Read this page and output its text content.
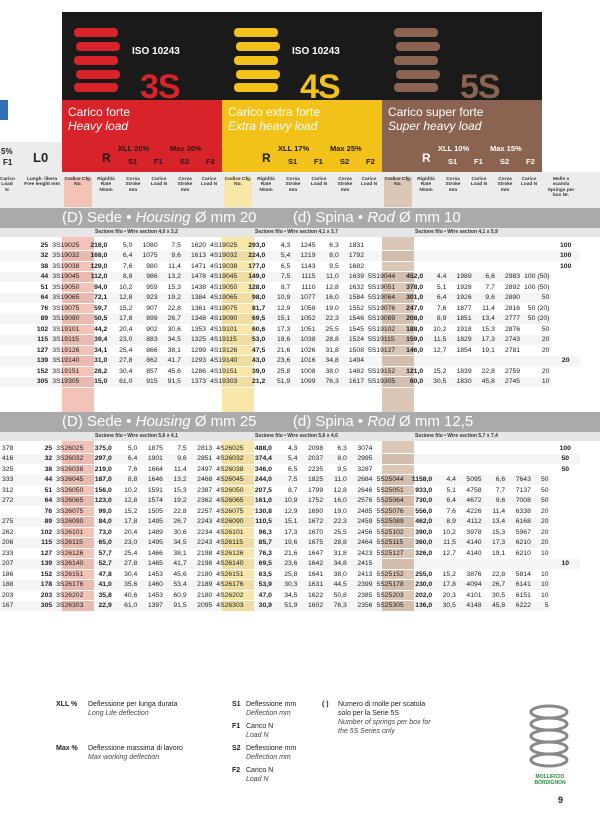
5%
F1 L0
ISO 10243
3S
ISO 10243
4S	5S
Carico forte
Heavy load
Carico extra forte
Extra heavy load
Carico super forte
Super heavy load
R
XLL 20%	Max 30%
S1 F1 S2 F2	R
XLL 17%	Max 25%
S1 F1 S2 F2	R
XLL 10%	Max 15%
S1 F1 S2 F2
Carico Load N
Lungh. libera Free lenght mm
Codice Cfg. No.
Rigidità Rate N/mm
Corsa Stroke mm
Carico Load N
Corsa Stroke mm
Carico Load N
Codice Cfg. No.
Rigidità Rate N/mm
Corsa Stroke mm
Carico Load N
Corsa Stroke mm
Carico Load N
Codice Cfg. No.
Rigidità Rate N/mm
Corsa Stroke mm
Carico Load N
Corsa Stroke mm
Carico Load N
Molle x scatola Springs per box Nr.
(D) Sede • Housing Ø mm 20 (d) Spina • Rod Ø mm 10
Sezione filo • Wire section 4,0 x 3,2	Sezione filo • Wire section 4,1 x 3,7	Sezione filo • Wire section 4,1 x 5,9
	25	3S19025	216,0	5,0	1080	7,5	1620	4S19025	293,0	4,3	1245	6,3	1831								100
	32	3S19032	168,0	6,4	1075	9,6	1613	4S19032	224,0	5,4	1219	8,0	1792								100
	38	3S19038	129,0	7,6	980	11,4	1471	4S19038	177,0	6,5	1143	9,5	1682								100
	44	3S19045	112,0	8,8	986	13,2	1478	4S19045	149,0	7,5	1115	11,0	1639	5S19044	452,0	4,4	1989	6,6	2983	100 (50)	
	51	3S19050	94,0	10,2	959	15,3	1438	4S19050	128,0	8,7	1110	12,8	1632	5S19051	378,0	5,1	1928	7,7	2892	100 (50)	
	64	3S19065	72,1	12,8	923	19,2	1384	4S19065	98,0	10,9	1077	16,0	1584	5S19064	301,0	6,4	1926	9,6	2890	50	
	76	3S19075	59,7	15,2	907	22,8	1361	4S19075	81,7	12,9	1058	19,0	1552	5S19076	247,0	7,6	1877	11,4	2816	50 (20)	
	89	3S19090	50,5	17,8	899	26,7	1348	4S19090	69,5	15,1	1052	22,3	1546	5S19089	208,0	8,9	1851	13,4	2777	50 (20)	
	102	3S19101	44,2	20,4	902	30,6	1353	4S19101	60,6	17,3	1051	25,5	1545	5S19102	188,0	10,2	1918	15,3	2876	50	
	115	3S19115	39,4	23,0	883	34,5	1325	4S19115	53,0	19,6	1038	28,8	1524	5S19115	159,0	11,5	1829	17,3	2743	20	
	127	3S19126	34,1	25,4	866	38,1	1299	4S19126	47,5	21,6	1026	31,8	1508	5S19127	146,0	12,7	1854	19,1	2781	20	
	139	3S19140	31,0	27,8	862	41,7	1293	4S19140	43,0	23,6	1016	34,8	1494								20
	152	3S19151	28,2	30,4	857	45,6	1286	4S19151	39,0	25,8	1008	38,0	1482	5S19152	121,0	15,2	1839	22,8	2759	20	
	305	3S19305	15,0	61,0	915	91,5	1373	4S19303	21,2	51,9	1099	76,3	1617	5S19305	60,0	30,5	1830	45,8	2745	10	
(D) Sede • Housing Ø mm 25 (d) Spina • Rod Ø mm 12,5
Sezione filo • Wire section 5,6 x 4,1	Sezione filo • Wire section 5,6 x 4,6	Sezione filo • Wire section 5,7 x 7,4
378	25	3S26025	375,0	5,0	1875	7,5	2813	4S26025	488,0	4,3	2098	6,3	3074								100
416	32	3S26032	297,0	6,4	1901	9,6	2851	4S26032	374,4	5,4	2037	8,0	2995								50
325	38	3S26038	219,0	7,6	1664	11,4	2497	4S26038	346,0	6,5	2235	9,5	3287								50
333	44	3S26045	187,0	8,8	1646	13,2	2468	4S26045	244,0	7,5	1825	11,0	2684	5S25044	1158,0	4,4	5095	6,6	7643	50	
312	51	3S26050	156,0	10,2	1591	15,3	2387	4S26050	207,5	8,7	1799	12,8	2646	5S25051	933,0	5,1	4758	7,7	7137	50	
272	64	3S26065	123,0	12,8	1574	19,2	2362	4S26065	161,0	10,9	1752	16,0	2576	5S25064	730,0	6,4	4672	9,6	7008	50	
	76	3S26075	99,0	15,2	1505	22,8	2257	4S26075	130,8	12,9	1690	19,0	2485	5S25076	556,0	7,6	4226	11,4	6338	20	
275	89	3S26090	84,0	17,8	1495	26,7	2243	4S26090	110,5	15,1	1672	22,3	2459	5S25089	462,0	8,9	4112	13,4	6168	20	
262	102	3S26101	73,0	20,4	1489	30,6	2234	4S26101	96,3	17,3	1670	25,5	2456	5S25102	390,0	10,2	3978	15,3	5967	20	
206	115	3S26115	65,0	23,0	1495	34,5	2243	4S26115	85,7	19,6	1675	28,8	2464	5S25115	360,0	11,5	4140	17,3	6210	20	
233	127	3S26126	57,7	25,4	1466	38,1	2198	4S26126	76,3	21,6	1647	31,8	2423	5S25127	326,0	12,7	4140	19,1	6210	10	
207	139	3S26140	52,7	27,8	1465	41,7	2198	4S26140	69,5	23,6	1642	34,8	2415								10
186	152	3S26151	47,8	30,4	1453	45,6	2180	4S26151	63,5	25,8	1641	38,0	2413	5S25152	255,0	15,2	3876	22,8	5814	10	
188	178	3S26176	41,0	35,6	1460	53,4	2189	4S26176	53,9	30,3	1631	44,5	2399	5S25178	230,0	17,8	4094	26,7	6141	10	
203	203	3S26202	35,8	40,6	1453	60,9	2180	4S26202	47,0	34,5	1622	50,8	2385	5S25203	202,0	20,3	4101	30,5	6151	10	
167	305	3S26303	22,9	61,0	1397	91,5	2095	4S26303	30,9	51,9	1602	76,3	2356	5S25305	136,0	30,5	4148	45,8	6222	5	
XLL % Deflessione per lunga durata
Long Life deflection
Max % Deflessione massima di lavoro
Max working deflection
S1 Deflessione mm
Deflection mm
F1 Carico N
Load N
S2 Deflessione mm
Deflection mm
F2 Carico N
Load N
( ) Numero di molle per scatola
solo per la Serie 5S
Number of springs per box for
the 5S Series only
MOLLIFICIO BORDIGNON
9
